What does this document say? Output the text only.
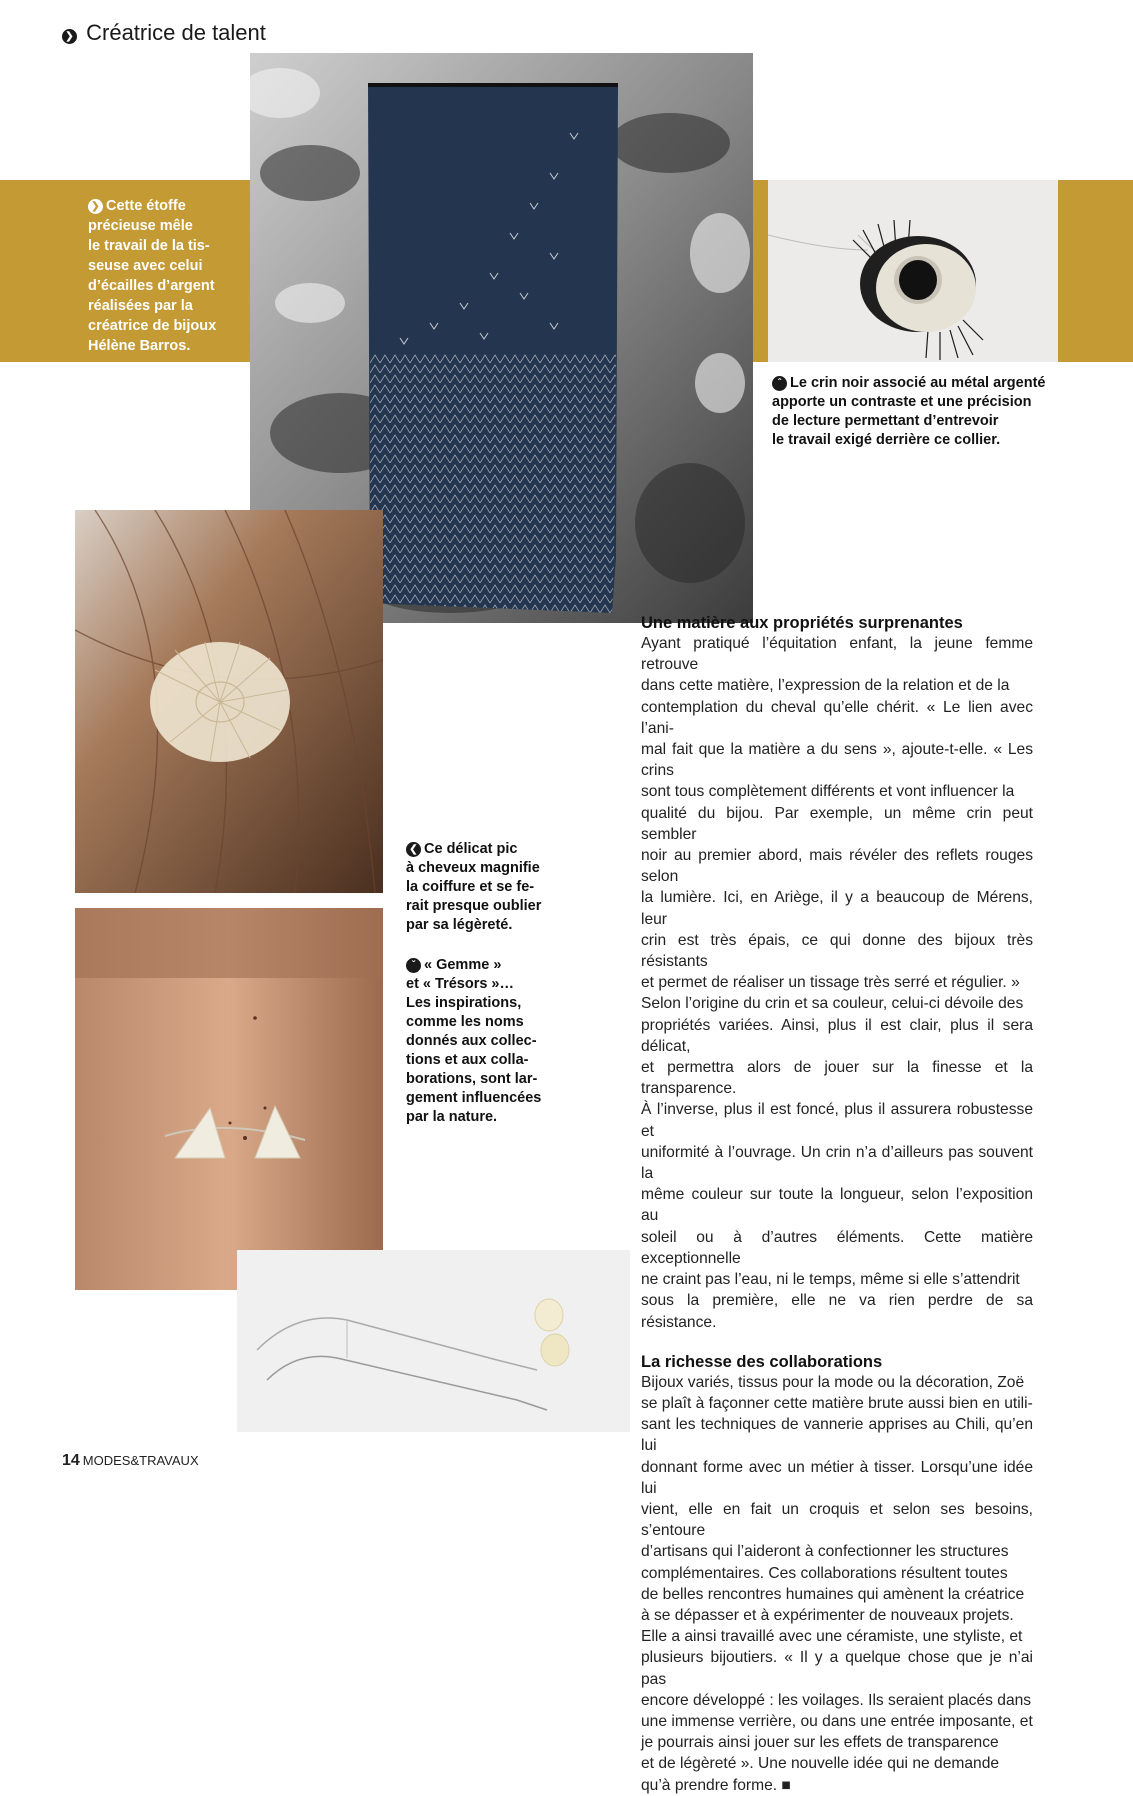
❯ Créatrice de talent
❯ Cette étoffe
précieuse mêle
le travail de la tis-
seuse avec celui
d’écailles d’argent
réalisées par la
créatrice de bijoux
Hélène Barros.
ˆ Le crin noir associé au métal argenté
apporte un contraste et une précision
de lecture permettant d’entrevoir
le travail exigé derrière ce collier.
❮ Ce délicat pic
à cheveux magnifie
la coiffure et se fe-
rait presque oublier
par sa légèreté.
ˇ « Gemme »
et « Trésors »…
Les inspirations,
comme les noms
donnés aux collec-
tions et aux colla-
borations, sont lar-
gement influencées
par la nature.
Une matière aux propriétés surprenantes
Ayant pratiqué l’équitation enfant, la jeune femme retrouve
dans cette matière, l’expression de la relation et de la
contemplation du cheval qu’elle chérit. « Le lien avec l’ani-
mal fait que la matière a du sens », ajoute-t-elle. « Les crins
sont tous complètement différents et vont influencer la
qualité du bijou. Par exemple, un même crin peut sembler
noir au premier abord, mais révéler des reflets rouges selon
la lumière. Ici, en Ariège, il y a beaucoup de Mérens, leur
crin est très épais, ce qui donne des bijoux très résistants
et permet de réaliser un tissage très serré et régulier. »
Selon l’origine du crin et sa couleur, celui-ci dévoile des
propriétés variées. Ainsi, plus il est clair, plus il sera délicat,
et permettra alors de jouer sur la finesse et la transparence.
À l’inverse, plus il est foncé, plus il assurera robustesse et
uniformité à l’ouvrage. Un crin n’a d’ailleurs pas souvent la
même couleur sur toute la longueur, selon l’exposition au
soleil ou à d’autres éléments. Cette matière exceptionnelle
ne craint pas l’eau, ni le temps, même si elle s’attendrit
sous la première, elle ne va rien perdre de sa résistance.
La richesse des collaborations
Bijoux variés, tissus pour la mode ou la décoration, Zoë
se plaît à façonner cette matière brute aussi bien en utili-
sant les techniques de vannerie apprises au Chili, qu’en lui
donnant forme avec un métier à tisser. Lorsqu’une idée lui
vient, elle en fait un croquis et selon ses besoins, s’entoure
d’artisans qui l’aideront à confectionner les structures
complémentaires. Ces collaborations résultent toutes
de belles rencontres humaines qui amènent la créatrice
à se dépasser et à expérimenter de nouveaux projets.
Elle a ainsi travaillé avec une céramiste, une styliste, et
plusieurs bijoutiers. « Il y a quelque chose que je n’ai pas
encore développé : les voilages. Ils seraient placés dans
une immense verrière, ou dans une entrée imposante, et
je pourrais ainsi jouer sur les effets de transparence
et de légèreté ». Une nouvelle idée qui ne demande
qu’à prendre forme. ■
14 MODES&TRAVAUX
